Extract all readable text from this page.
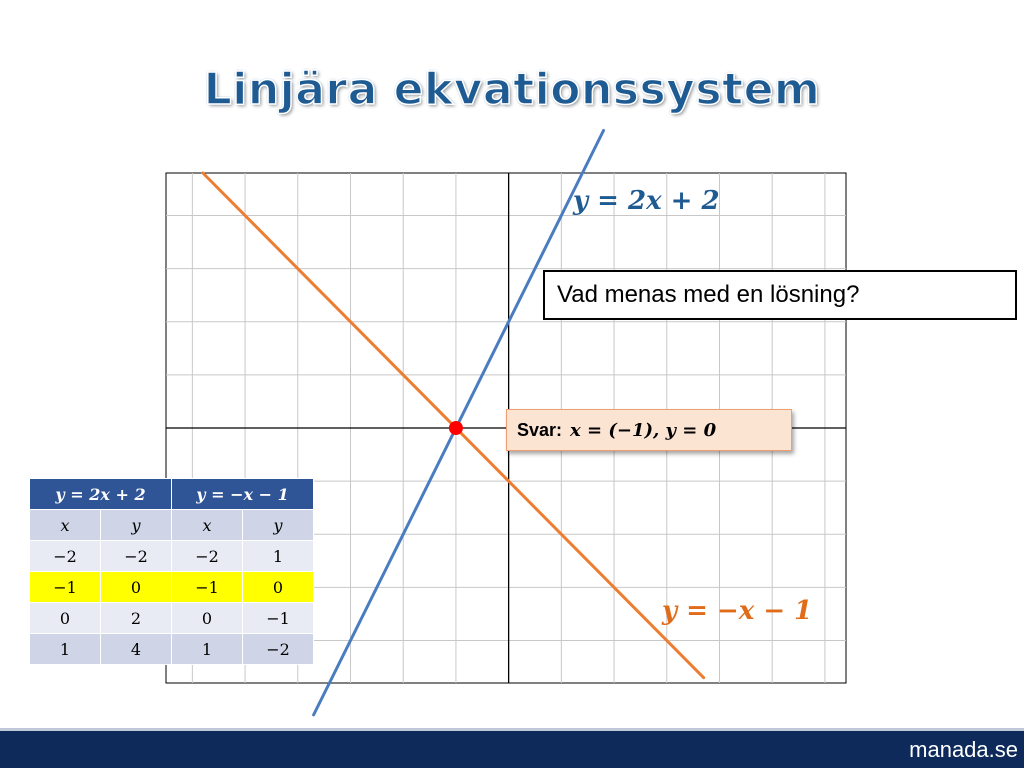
Linjära ekvationssystem
y = 2x + 2
y = −x − 1
Vad menas med en lösning?
Svar: x = (−1), y = 0
y = 2x + 2		y = −x − 1	
x	y	x	y
−2	−2	−2	1
−1	0	−1	0
0	2	0	−1
1	4	1	−2
manada.se
